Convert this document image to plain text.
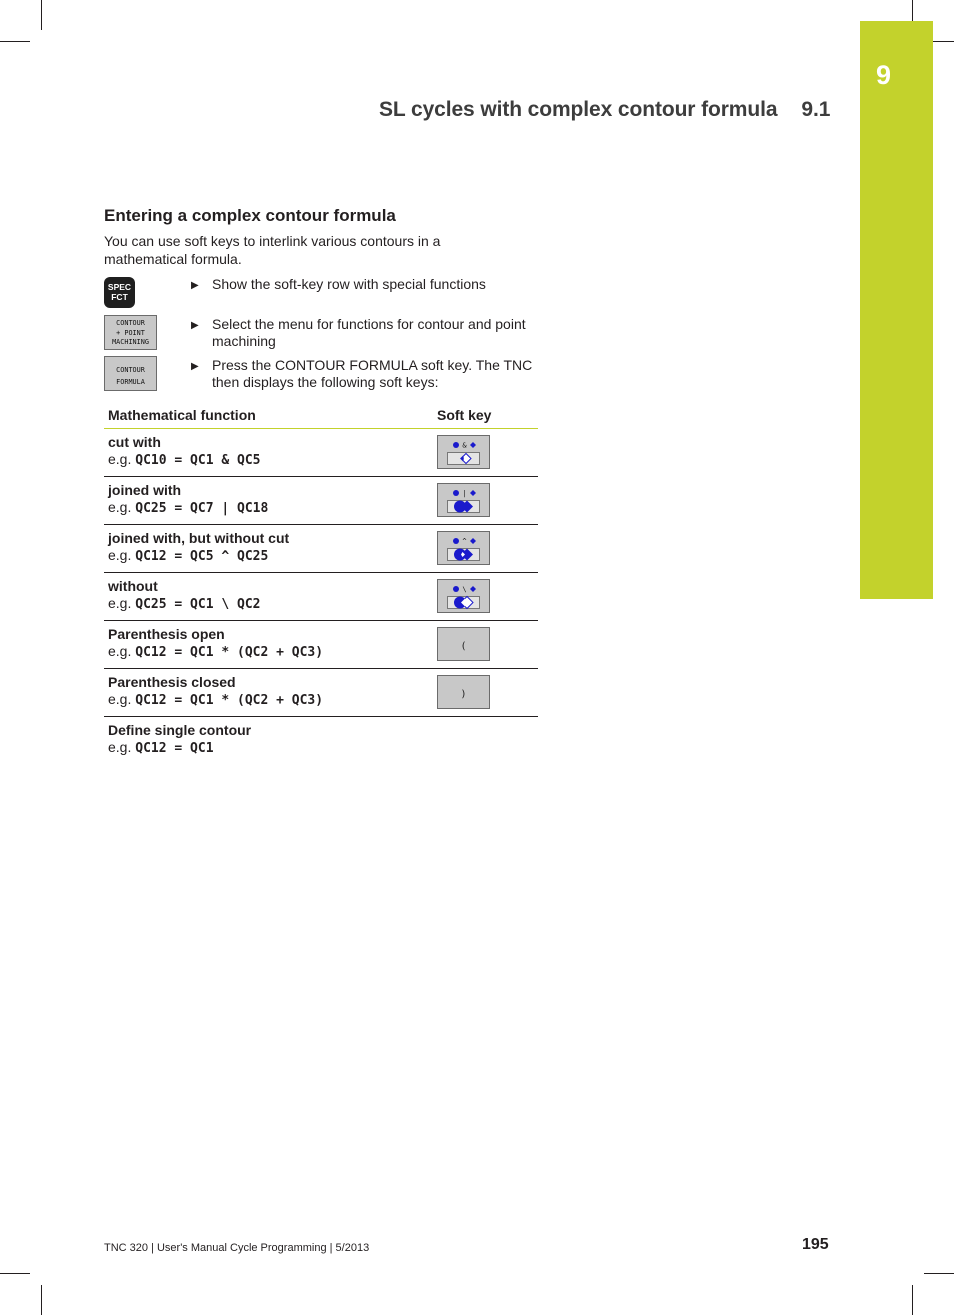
9
SL cycles with complex contour formula 9.1
Entering a complex contour formula
You can use soft keys to interlink various contours in a mathematical formula.
SPEC
FCT
CONTOUR
+ POINT
MACHINING
CONTOUR
FORMULA
▶ Show the soft-key row with special functions
▶ Select the menu for functions for contour and point machining
▶ Press the CONTOUR FORMULA soft key. The TNC then displays the following soft keys:
Mathematical function	Soft key

cut with
e.g. QC10 = QC1 & QC5	&

joined with
e.g. QC25 = QC7 | QC18	|

joined with, but without cut
e.g. QC12 = QC5 ^ QC25	^

without
e.g. QC25 = QC1 \ QC2	\

Parenthesis open
e.g. QC12 = QC1 * (QC2 + QC3)	(

Parenthesis closed
e.g. QC12 = QC1 * (QC2 + QC3)	)

Define single contour
e.g. QC12 = QC1	

TNC 320 | User's Manual Cycle Programming | 5/2013	195
